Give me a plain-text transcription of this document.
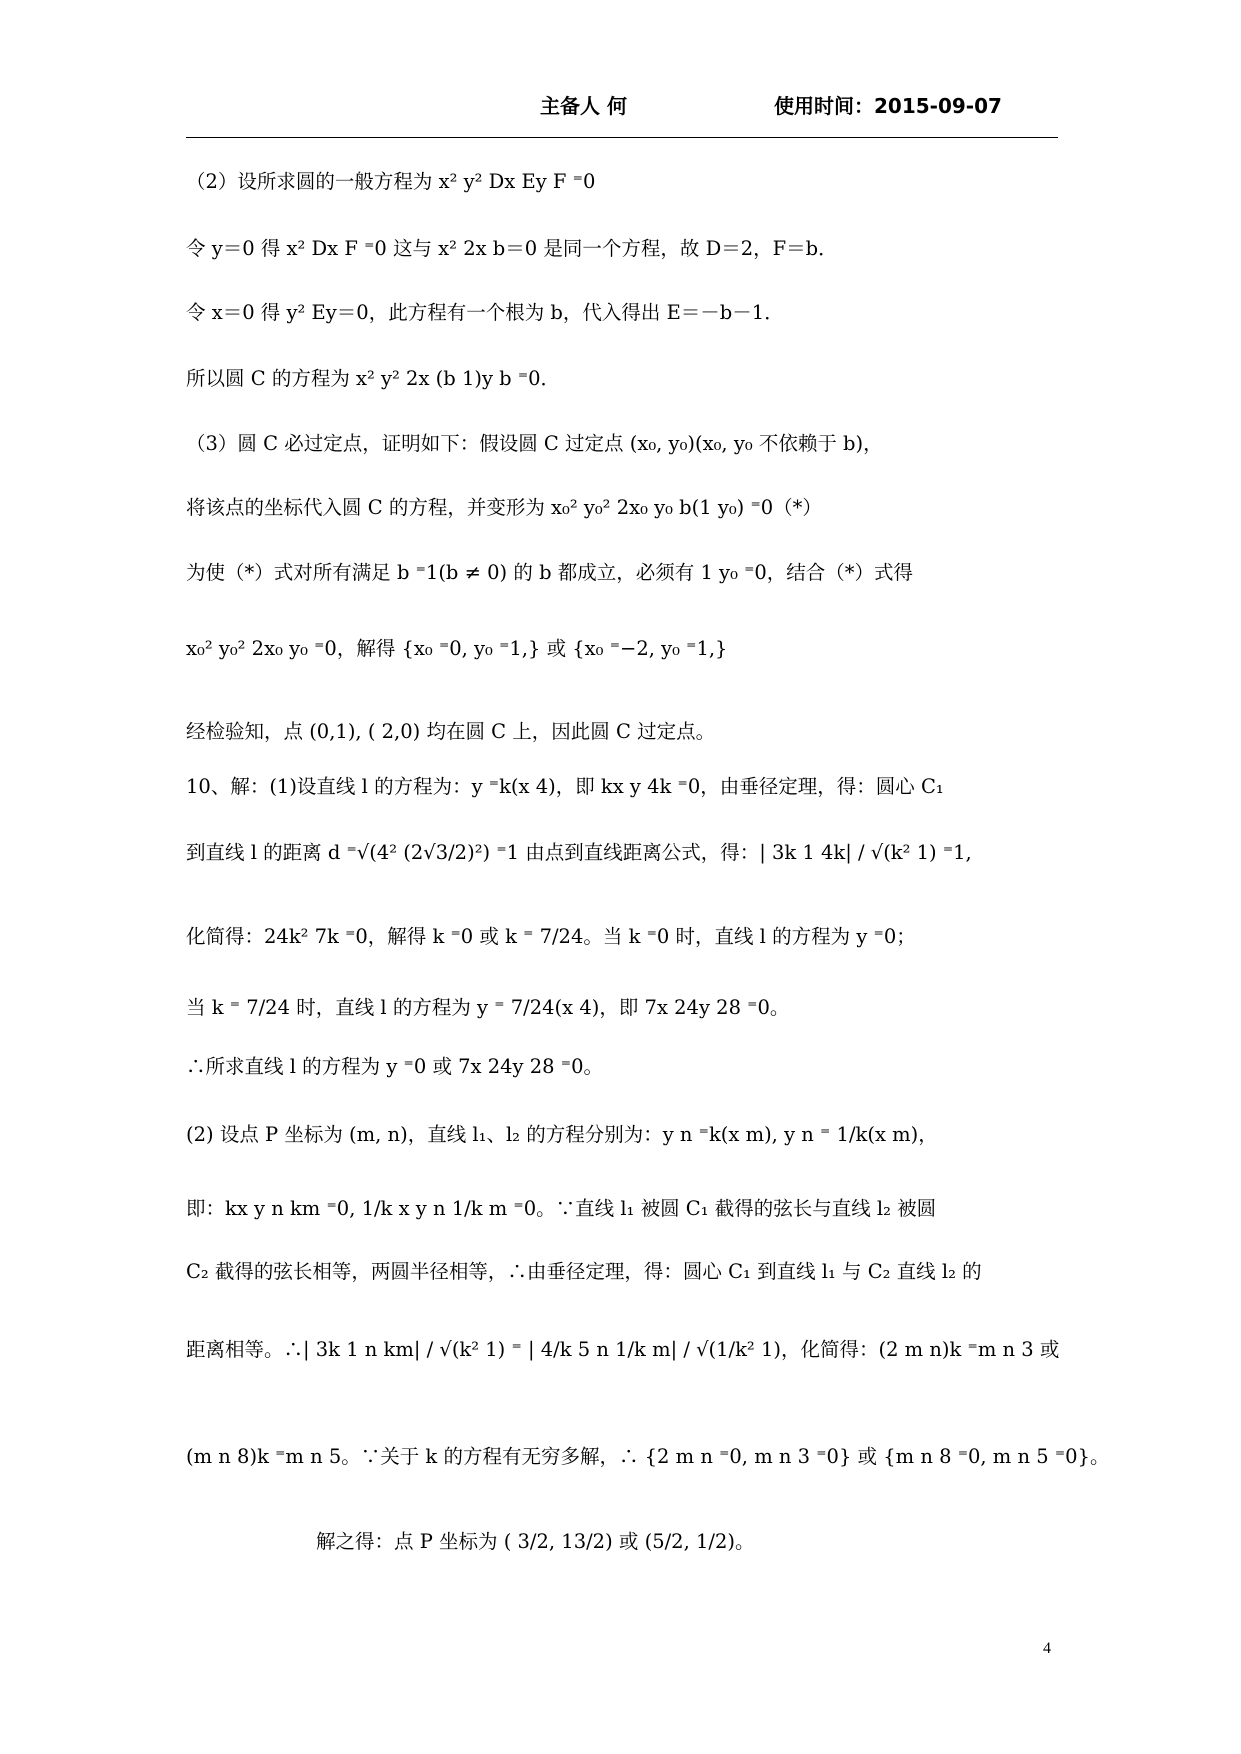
主备人 何	使用时间：2015-09-07
（2）设所求圆的一般方程为 x² y² Dx Ey F ⁼0
令 y＝0 得 x² Dx F ⁼0 这与 x² 2x b＝0 是同一个方程，故 D＝2，F＝b．
令 x＝0 得 y² Ey＝0，此方程有一个根为 b，代入得出 E＝－b－1．
所以圆 C 的方程为 x² y² 2x (b 1)y b ⁼0．
（3）圆 C 必过定点，证明如下：假设圆 C 过定点 (x₀, y₀)(x₀, y₀ 不依赖于 b)，
将该点的坐标代入圆 C 的方程，并变形为 x₀² y₀² 2x₀ y₀ b(1 y₀) ⁼0（*）
为使（*）式对所有满足 b ⁼1(b ≠ 0) 的 b 都成立，必须有 1 y₀ ⁼0，结合（*）式得
x₀² y₀² 2x₀ y₀ ⁼0，解得 {x₀ ⁼0, y₀ ⁼1,} 或 {x₀ ⁼−2, y₀ ⁼1,}
经检验知，点 (0,1), ( 2,0) 均在圆 C 上，因此圆 C 过定点。
10、解：(1)设直线 l 的方程为：y ⁼k(x 4)，即 kx y 4k ⁼0，由垂径定理，得：圆心 C₁
到直线 l 的距离 d ⁼√(4² (2√3/2)²) ⁼1 由点到直线距离公式，得：| 3k 1 4k| / √(k² 1) ⁼1,
化简得：24k² 7k ⁼0，解得 k ⁼0 或 k ⁼ 7/24。当 k ⁼0 时，直线 l 的方程为 y ⁼0；
当 k ⁼ 7/24 时，直线 l 的方程为 y ⁼ 7/24(x 4)，即 7x 24y 28 ⁼0。
∴所求直线 l 的方程为 y ⁼0 或 7x 24y 28 ⁼0。
(2) 设点 P 坐标为 (m, n)，直线 l₁、l₂ 的方程分别为：y n ⁼k(x m), y n ⁼ 1/k(x m)，
即：kx y n km ⁼0, 1/k x y n 1/k m ⁼0。∵直线 l₁ 被圆 C₁ 截得的弦长与直线 l₂ 被圆
C₂ 截得的弦长相等，两圆半径相等，∴由垂径定理，得：圆心 C₁ 到直线 l₁ 与 C₂ 直线 l₂ 的
距离相等。∴| 3k 1 n km| / √(k² 1) ⁼ | 4/k 5 n 1/k m| / √(1/k² 1)，化简得：(2 m n)k ⁼m n 3 或
(m n 8)k ⁼m n 5。∵关于 k 的方程有无穷多解，∴ {2 m n ⁼0, m n 3 ⁼0} 或 {m n 8 ⁼0, m n 5 ⁼0}。
解之得：点 P 坐标为 ( 3/2, 13/2) 或 (5/2, 1/2)。
4
